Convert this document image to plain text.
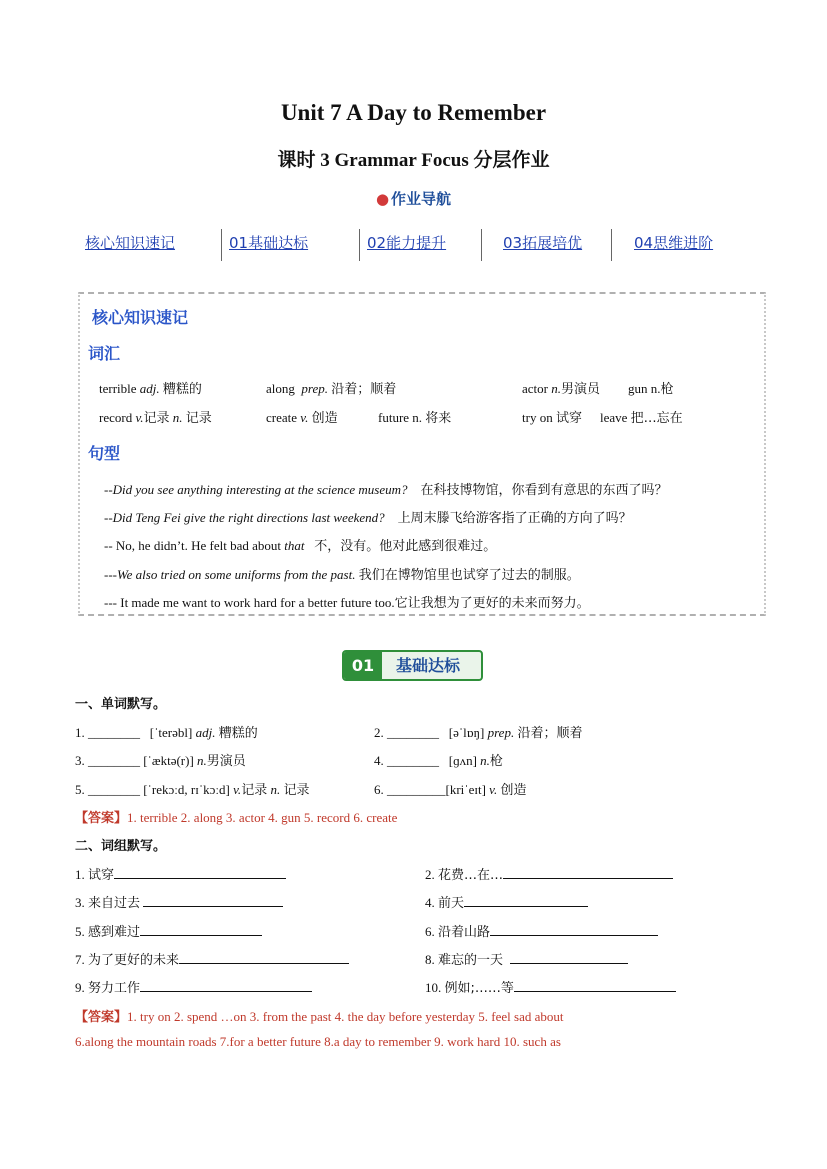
Unit 7 A Day to Remember
课时 3 Grammar Focus 分层作业
● 作业导航
核心知识速记	01基础达标	02能力提升	03拓展培优	04思维进阶
核心知识速记
词汇
terrible adj. 糟糕的	along prep. 沿着；顺着	actor n.男演员 gun n.枪
record v.记录 n. 记录	create v. 创造	future n. 将来	try on 试穿 leave 把…忘在
句型
--Did you see anything interesting at the science museum? 在科技博物馆，你看到有意思的东西了吗？
--Did Teng Fei give the right directions last weekend? 上周末滕飞给游客指了正确的方向了吗？
-- No, he didn’t. He felt bad about that 不，没有。他对此感到很难过。
---We also tried on some uniforms from the past. 我们在博物馆里也试穿了过去的制服。
--- It made me want to work hard for a better future too.它让我想为了更好的未来而努力。
01	基础达标
一、单词默写。
1. ________ [ˈterəbl] adj. 糟糕的	2. ________ [əˈlɒŋ] prep. 沿着；顺着
3. ________ [ˈæktə(r)] n.男演员	4. ________ [ɡʌn] n.枪
5. ________ [ˈrekɔːd, rɪˈkɔːd] v.记录 n. 记录	6. _________[kriˈeɪt] v. 创造
【答案】1. terrible 2. along 3. actor 4. gun 5. record 6. create
二、词组默写。
1. 试穿	2. 花费…在…
3. 来自过去	4. 前天
5. 感到难过	6. 沿着山路
7. 为了更好的未来	8. 难忘的一天
9. 努力工作	10. 例如;……等
【答案】1. try on 2. spend …on 3. from the past 4. the day before yesterday 5. feel sad about
6.along the mountain roads 7.for a better future 8.a day to remember 9. work hard 10. such as
